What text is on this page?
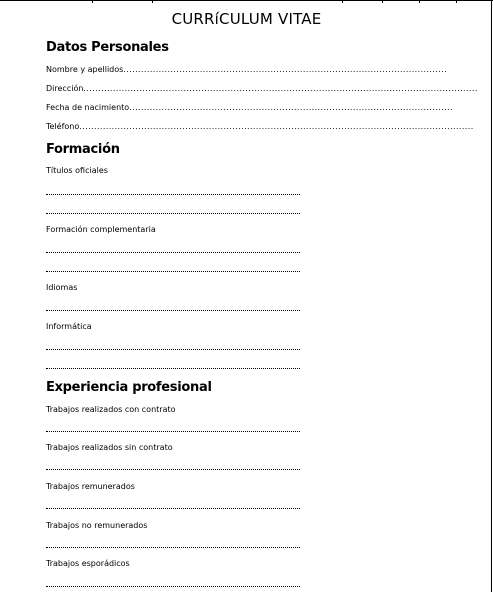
CURRíCULUM VITAE
Datos Personales
Nombre y apellidos..............................................................................................................
Dirección......................................................................................................................................
Fecha de nacimiento..............................................................................................................
Teléfono......................................................................................................................................
Formación
Títulos oficiales
Formación complementaria
Idiomas
Informática
Experiencia profesional
Trabajos realizados con contrato
Trabajos realizados sin contrato
Trabajos remunerados
Trabajos no remunerados
Trabajos esporádicos
